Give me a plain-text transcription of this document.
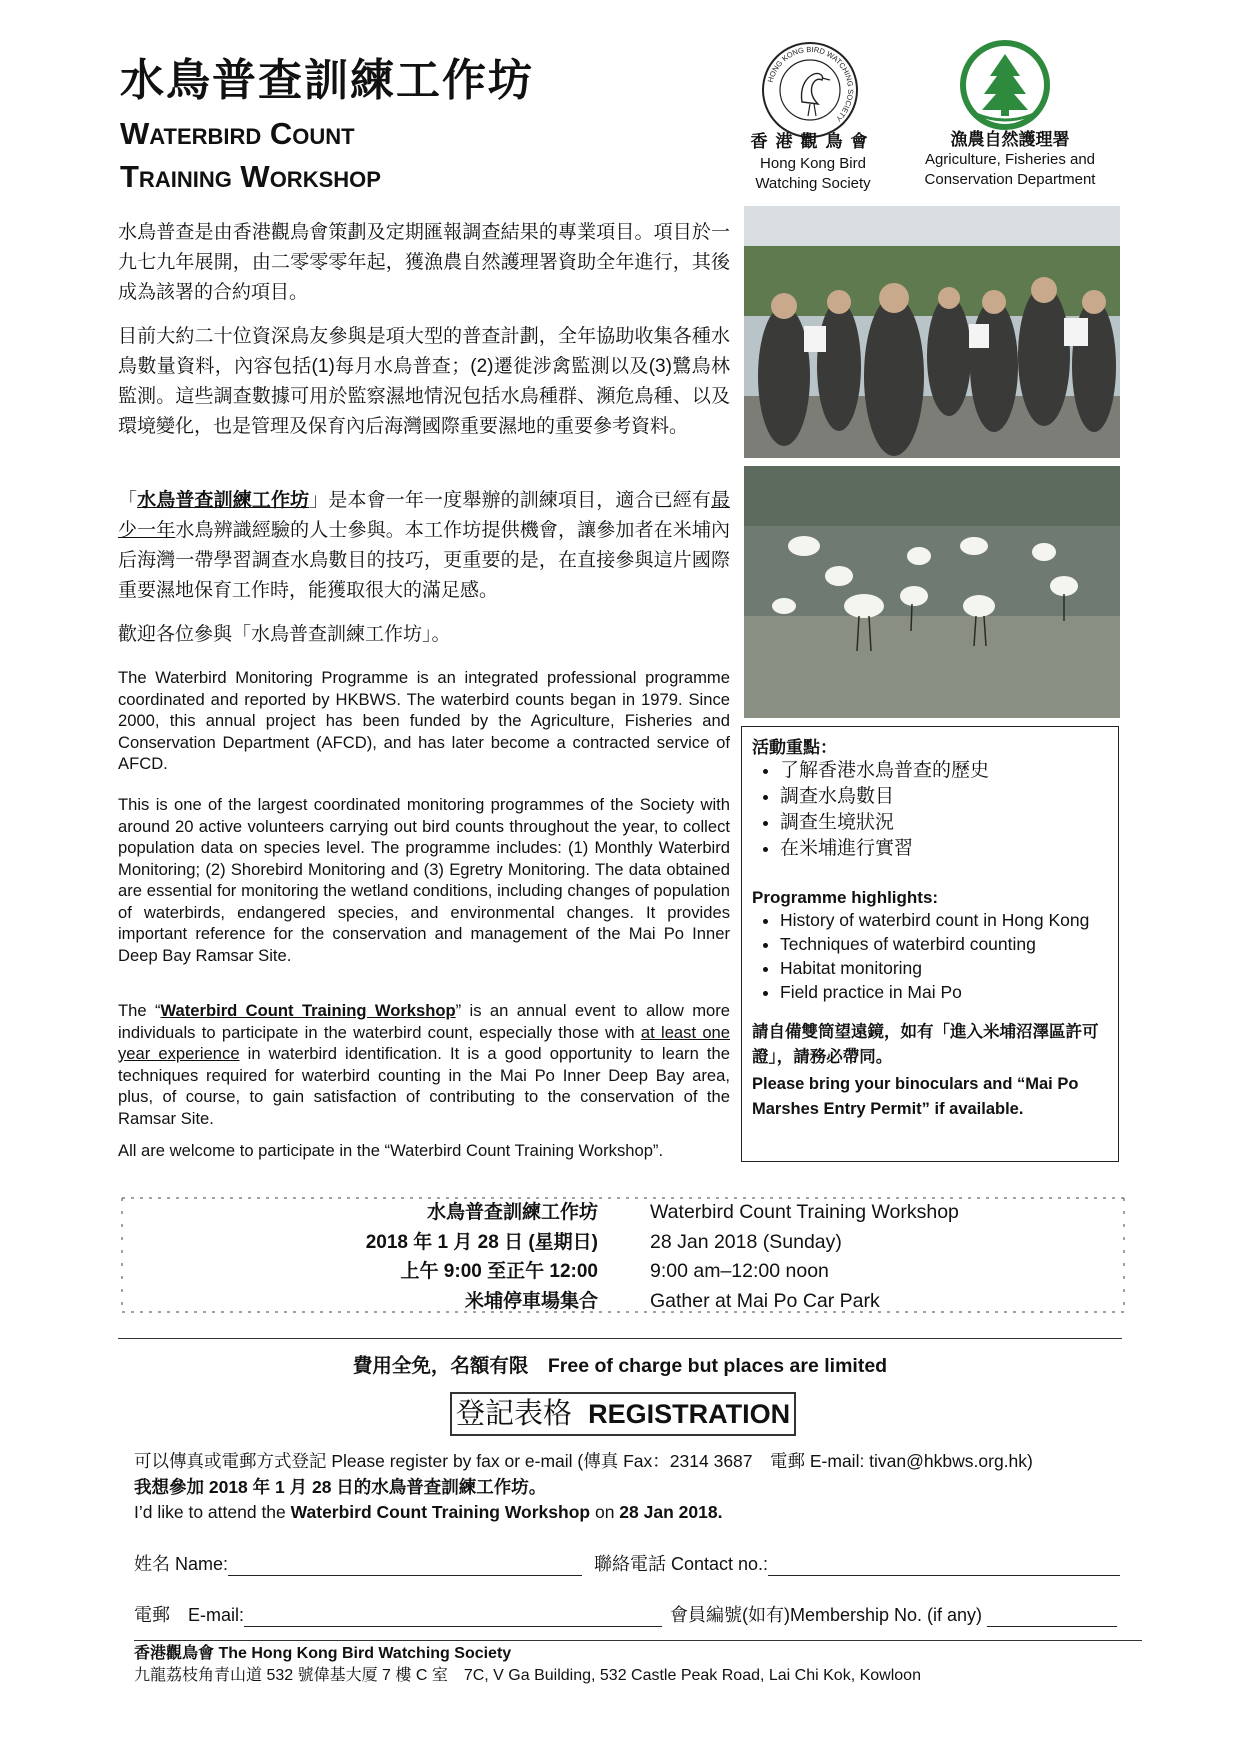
水鳥普查訓練工作坊
Waterbird Count
Training Workshop
HONG KONG BIRD WATCHING SOCIETY
香港觀鳥會
Hong Kong Bird
Watching Society
漁農自然護理署
Agriculture, Fisheries and
Conservation Department
水鳥普查是由香港觀鳥會策劃及定期匯報調查結果的專業項目。項目於一九七九年展開，由二零零零年起，獲漁農自然護理署資助全年進行，其後成為該署的合約項目。
目前大約二十位資深鳥友參與是項大型的普查計劃，全年協助收集各種水鳥數量資料，內容包括(1)每月水鳥普查；(2)遷徙涉禽監測以及(3)鷺鳥林監測。這些調查數據可用於監察濕地情況包括水鳥種群、瀕危鳥種、以及環境變化，也是管理及保育內后海灣國際重要濕地的重要參考資料。
「水鳥普查訓練工作坊」是本會一年一度舉辦的訓練項目，適合已經有最少一年水鳥辨識經驗的人士參與。本工作坊提供機會，讓參加者在米埔內后海灣一帶學習調查水鳥數目的技巧，更重要的是，在直接參與這片國際重要濕地保育工作時，能獲取很大的滿足感。
歡迎各位參與「水鳥普查訓練工作坊」。
The Waterbird Monitoring Programme is an integrated professional programme coordinated and reported by HKBWS. The waterbird counts began in 1979. Since 2000, this annual project has been funded by the Agriculture, Fisheries and Conservation Department (AFCD), and has later become a contracted service of AFCD.
This is one of the largest coordinated monitoring programmes of the Society with around 20 active volunteers carrying out bird counts throughout the year, to collect population data on species level. The programme includes: (1) Monthly Waterbird Monitoring; (2) Shorebird Monitoring and (3) Egretry Monitoring. The data obtained are essential for monitoring the wetland conditions, including changes of population of waterbirds, endangered species, and environmental changes. It provides important reference for the conservation and management of the Mai Po Inner Deep Bay Ramsar Site.
The “Waterbird Count Training Workshop” is an annual event to allow more individuals to participate in the waterbird count, especially those with at least one year experience in waterbird identification. It is a good opportunity to learn the techniques required for waterbird counting in the Mai Po Inner Deep Bay area, plus, of course, to gain satisfaction of contributing to the conservation of the Ramsar Site.
All are welcome to participate in the “Waterbird Count Training Workshop”.
活動重點：
• 了解香港水鳥普查的歷史
• 調查水鳥數目
• 調查生境狀況
• 在米埔進行實習
Programme highlights:
• History of waterbird count in Hong Kong
• Techniques of waterbird counting
• Habitat monitoring
• Field practice in Mai Po
請自備雙筒望遠鏡，如有「進入米埔沼澤區許可證」，請務必帶同。
Please bring your binoculars and “Mai Po Marshes Entry Permit” if available.
水鳥普查訓練工作坊
2018 年 1 月 28 日 (星期日)
上午 9:00 至正午 12:00
米埔停車場集合
Waterbird Count Training Workshop
28 Jan 2018 (Sunday)
9:00 am–12:00 noon
Gather at Mai Po Car Park
費用全免，名額有限　Free of charge but places are limited
登記表格 REGISTRATION
可以傳真或電郵方式登記 Please register by fax or e-mail (傳真 Fax：2314 3687　電郵 E-mail: tivan@hkbws.org.hk)
我想參加 2018 年 1 月 28 日的水鳥普查訓練工作坊。
I’d like to attend the Waterbird Count Training Workshop on 28 Jan 2018.
姓名 Name:	聯絡電話 Contact no.:
電郵　E-mail:	會員編號(如有)Membership No. (if any)
香港觀鳥會 The Hong Kong Bird Watching Society
九龍荔枝角青山道 532 號偉基大厦 7 樓 C 室　7C, V Ga Building, 532 Castle Peak Road, Lai Chi Kok, Kowloon
